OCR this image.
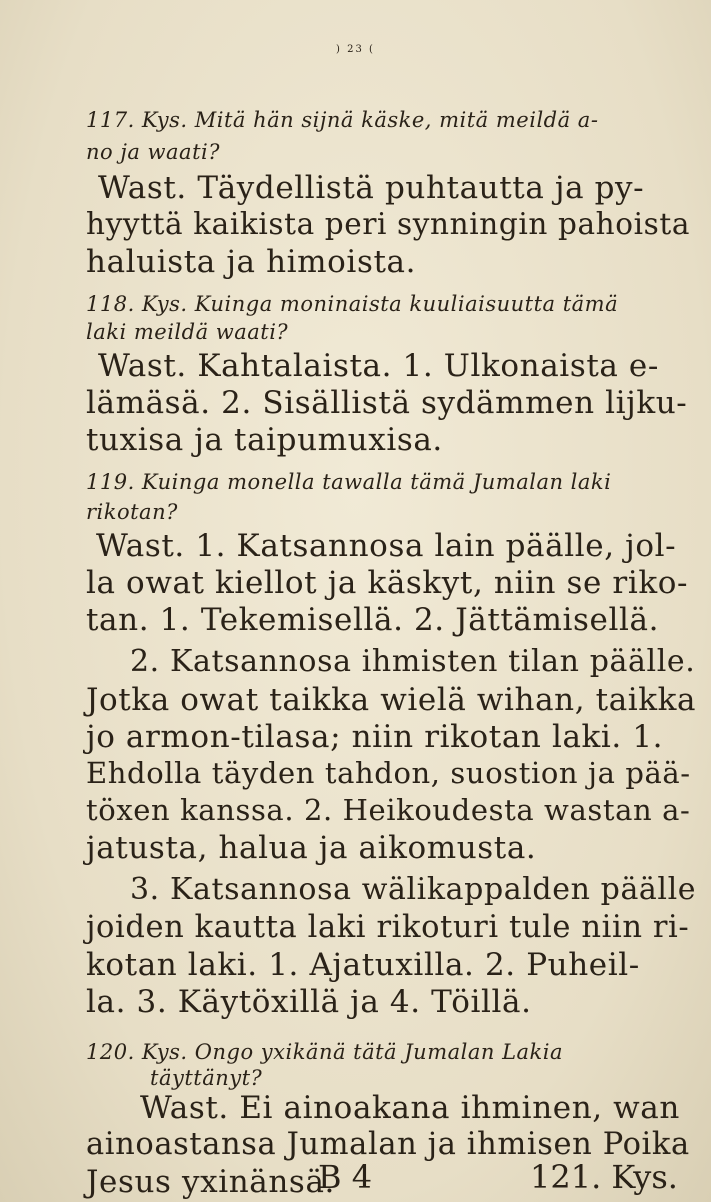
) 23 (
117. Kys. Mitä hän sijnä käske, mitä meildä a-
no ja waati?
Wast. Täydellistä puhtautta ja py-
hyyttä kaikista peri synningin pahoista
haluista ja himoista.
118. Kys. Kuinga moninaista kuuliaisuutta tämä
laki meildä waati?
Wast. Kahtalaista. 1. Ulkonaista e-
lämäsä. 2. Sisällistä sydämmen lijku-
tuxisa ja taipumuxisa.
119. Kuinga monella tawalla tämä Jumalan laki
rikotan?
Wast. 1. Katsannosa lain päälle, jol-
la owat kiellot ja käskyt, niin se riko-
tan. 1. Tekemisellä. 2. Jättämisellä.
2. Katsannosa ihmisten tilan päälle.
Jotka owat taikka wielä wihan, taikka
jo armon-tilasa; niin rikotan laki. 1.
Ehdolla täyden tahdon, suostion ja pää-
töxen kanssa. 2. Heikoudesta wastan a-
jatusta, halua ja aikomusta.
3. Katsannosa wälikappalden päälle
joiden kautta laki rikoturi tule niin ri-
kotan laki. 1. Ajatuxilla. 2. Puheil-
la. 3. Käytöxillä ja 4. Töillä.
120. Kys. Ongo yxikänä tätä Jumalan Lakia
täyttänyt?
Wast. Ei ainoakana ihminen, wan
ainoastansa Jumalan ja ihmisen Poika
Jesus yxinänsä.
B 4	121. Kys.
